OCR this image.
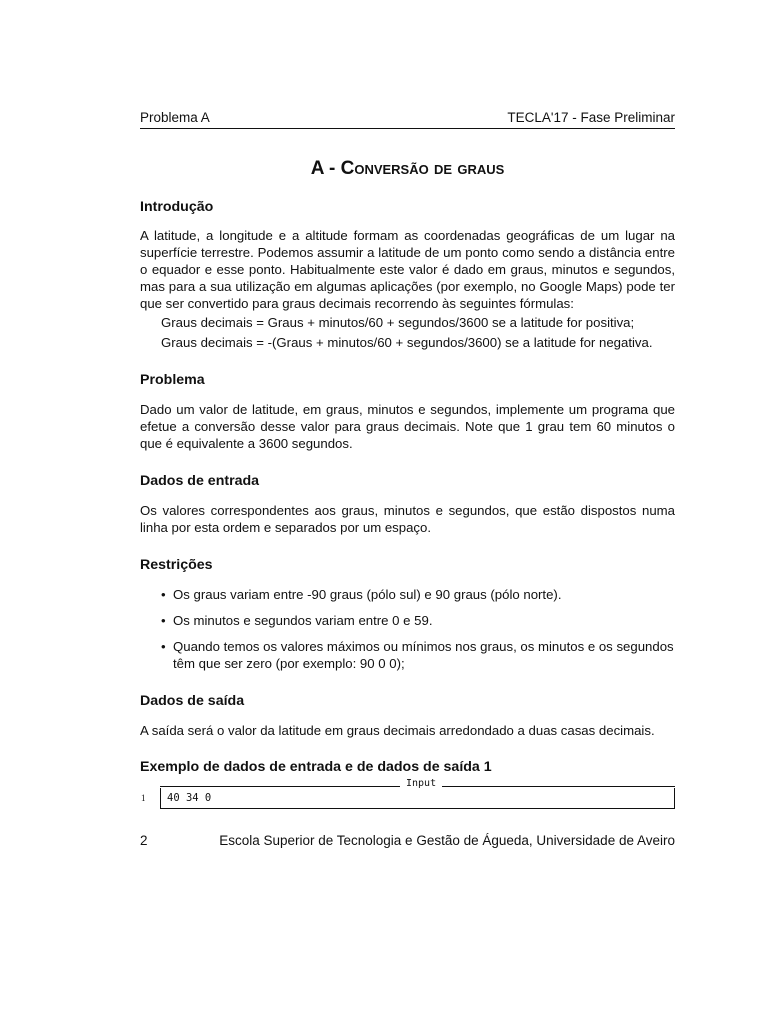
Problema A	TECLA'17 - Fase Preliminar
A - Conversão de graus
Introdução

A latitude, a longitude e a altitude formam as coordenadas geográficas de um lugar na superfície terrestre. Podemos assumir a latitude de um ponto como sendo a distância entre o equador e esse ponto. Habitualmente este valor é dado em graus, minutos e segundos, mas para a sua utilização em algumas aplicações (por exemplo, no Google Maps) pode ter que ser convertido para graus decimais recorrendo às seguintes fórmulas:

Graus decimais = Graus + minutos/60 + segundos/3600 se a latitude for positiva;
Graus decimais = -(Graus + minutos/60 + segundos/3600) se a latitude for negativa.
Problema

Dado um valor de latitude, em graus, minutos e segundos, implemente um programa que efetue a conversão desse valor para graus decimais. Note que 1 grau tem 60 minutos o que é equivalente a 3600 segundos.

Dados de entrada

Os valores correspondentes aos graus, minutos e segundos, que estão dispostos numa linha por esta ordem e separados por um espaço.

Restrições
• Os graus variam entre -90 graus (pólo sul) e 90 graus (pólo norte).
• Os minutos e segundos variam entre 0 e 59.
• Quando temos os valores máximos ou mínimos nos graus, os minutos e os segundos têm que ser zero (por exemplo: 90 0 0);
Dados de saída

A saída será o valor da latitude em graus decimais arredondado a duas casas decimais.

Exemplo de dados de entrada e de dados de saída 1
Input
1	40 34 0
2	Escola Superior de Tecnologia e Gestão de Águeda, Universidade de Aveiro
